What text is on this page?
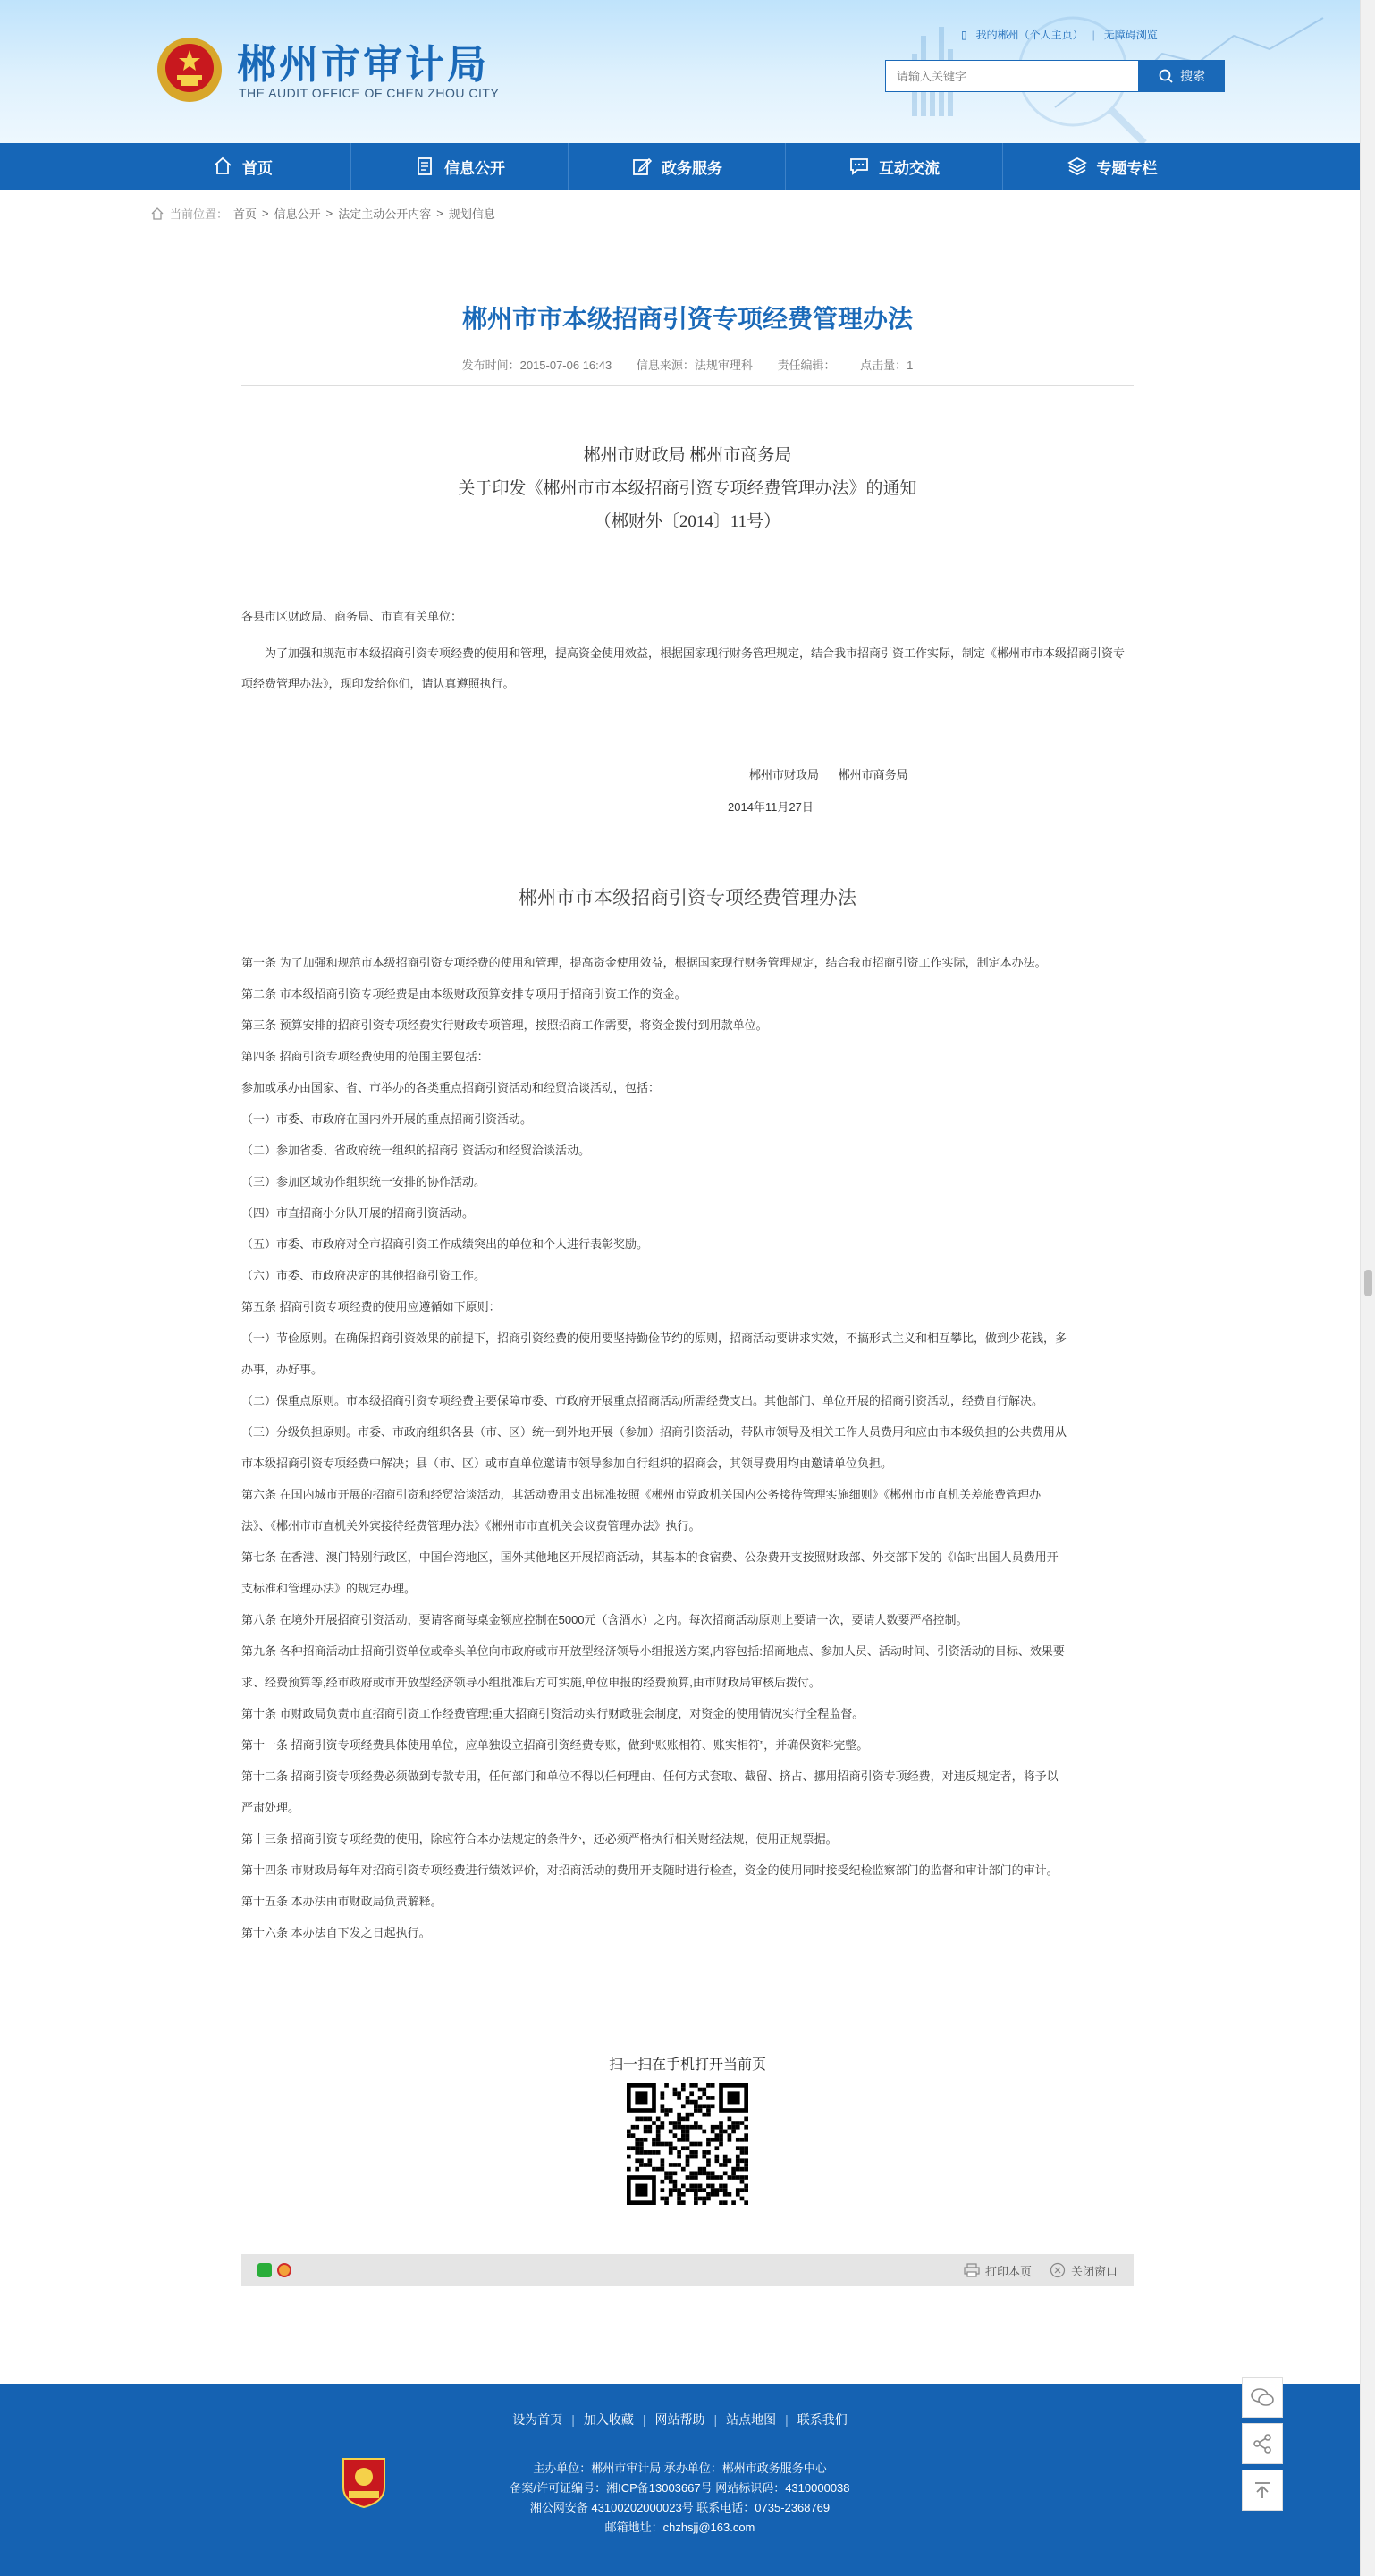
郴州市审计局
THE AUDIT OFFICE OF CHEN ZHOU CITY
▯ 我的郴州（个人主页） | 无障碍浏览
请输入关键字
搜索
首页	信息公开	政务服务	互动交流	专题专栏
当前位置： 首页 > 信息公开 > 法定主动公开内容 > 规划信息
郴州市市本级招商引资专项经费管理办法
发布时间：2015-07-06 16:43 信息来源：法规审理科 责任编辑： 点击量：1
郴州市财政局 郴州市商务局
关于印发《郴州市市本级招商引资专项经费管理办法》的通知
（郴财外〔2014〕11号）
各县市区财政局、商务局、市直有关单位：
为了加强和规范市本级招商引资专项经费的使用和管理，提高资金使用效益，根据国家现行财务管理规定，结合我市招商引资工作实际，制定《郴州市市本级招商引资专项经费管理办法》，现印发给你们，请认真遵照执行。
郴州市财政局      郴州市商务局
2014年11月27日
郴州市市本级招商引资专项经费管理办法
第一条 为了加强和规范市本级招商引资专项经费的使用和管理，提高资金使用效益，根据国家现行财务管理规定，结合我市招商引资工作实际，制定本办法。
第二条 市本级招商引资专项经费是由本级财政预算安排专项用于招商引资工作的资金。
第三条 预算安排的招商引资专项经费实行财政专项管理，按照招商工作需要，将资金拨付到用款单位。
第四条 招商引资专项经费使用的范围主要包括：
参加或承办由国家、省、市举办的各类重点招商引资活动和经贸洽谈活动，包括：
（一）市委、市政府在国内外开展的重点招商引资活动。
（二）参加省委、省政府统一组织的招商引资活动和经贸洽谈活动。
（三）参加区域协作组织统一安排的协作活动。
（四）市直招商小分队开展的招商引资活动。
（五）市委、市政府对全市招商引资工作成绩突出的单位和个人进行表彰奖励。
（六）市委、市政府决定的其他招商引资工作。
第五条 招商引资专项经费的使用应遵循如下原则：
（一）节俭原则。在确保招商引资效果的前提下，招商引资经费的使用要坚持勤俭节约的原则，招商活动要讲求实效，不搞形式主义和相互攀比，做到少花钱，多
办事，办好事。
（二）保重点原则。市本级招商引资专项经费主要保障市委、市政府开展重点招商活动所需经费支出。其他部门、单位开展的招商引资活动，经费自行解决。
（三）分级负担原则。市委、市政府组织各县（市、区）统一到外地开展（参加）招商引资活动，带队市领导及相关工作人员费用和应由市本级负担的公共费用从
市本级招商引资专项经费中解决；县（市、区）或市直单位邀请市领导参加自行组织的招商会，其领导费用均由邀请单位负担。
第六条 在国内城市开展的招商引资和经贸洽谈活动，其活动费用支出标准按照《郴州市党政机关国内公务接待管理实施细则》《郴州市市直机关差旅费管理办
法》、《郴州市市直机关外宾接待经费管理办法》《郴州市市直机关会议费管理办法》执行。
第七条 在香港、澳门特别行政区，中国台湾地区，国外其他地区开展招商活动，其基本的食宿费、公杂费开支按照财政部、外交部下发的《临时出国人员费用开
支标准和管理办法》的规定办理。
第八条 在境外开展招商引资活动，要请客商每桌金额应控制在5000元（含酒水）之内。每次招商活动原则上要请一次，要请人数要严格控制。
第九条 各种招商活动由招商引资单位或牵头单位向市政府或市开放型经济领导小组报送方案,内容包括:招商地点、参加人员、活动时间、引资活动的目标、效果要
求、经费预算等,经市政府或市开放型经济领导小组批准后方可实施,单位申报的经费预算,由市财政局审核后拨付。
第十条 市财政局负责市直招商引资工作经费管理;重大招商引资活动实行财政驻会制度，对资金的使用情况实行全程监督。
第十一条 招商引资专项经费具体使用单位，应单独设立招商引资经费专账，做到“账账相符、账实相符”，并确保资料完整。
第十二条 招商引资专项经费必须做到专款专用，任何部门和单位不得以任何理由、任何方式套取、截留、挤占、挪用招商引资专项经费，对违反规定者，将予以
严肃处理。
第十三条 招商引资专项经费的使用，除应符合本办法规定的条件外，还必须严格执行相关财经法规，使用正规票据。
第十四条 市财政局每年对招商引资专项经费进行绩效评价，对招商活动的费用开支随时进行检查，资金的使用同时接受纪检监察部门的监督和审计部门的审计。
第十五条 本办法由市财政局负责解释。
第十六条 本办法自下发之日起执行。
扫一扫在手机打开当前页
打印本页	关闭窗口
设为首页 | 加入收藏 | 网站帮助 | 站点地图 | 联系我们
主办单位：郴州市审计局 承办单位：郴州市政务服务中心
备案/许可证编号：湘ICP备13003667号 网站标识码：4310000038
湘公网安备 43100202000023号 联系电话：0735-2368769
邮箱地址：chzhsjj@163.com
